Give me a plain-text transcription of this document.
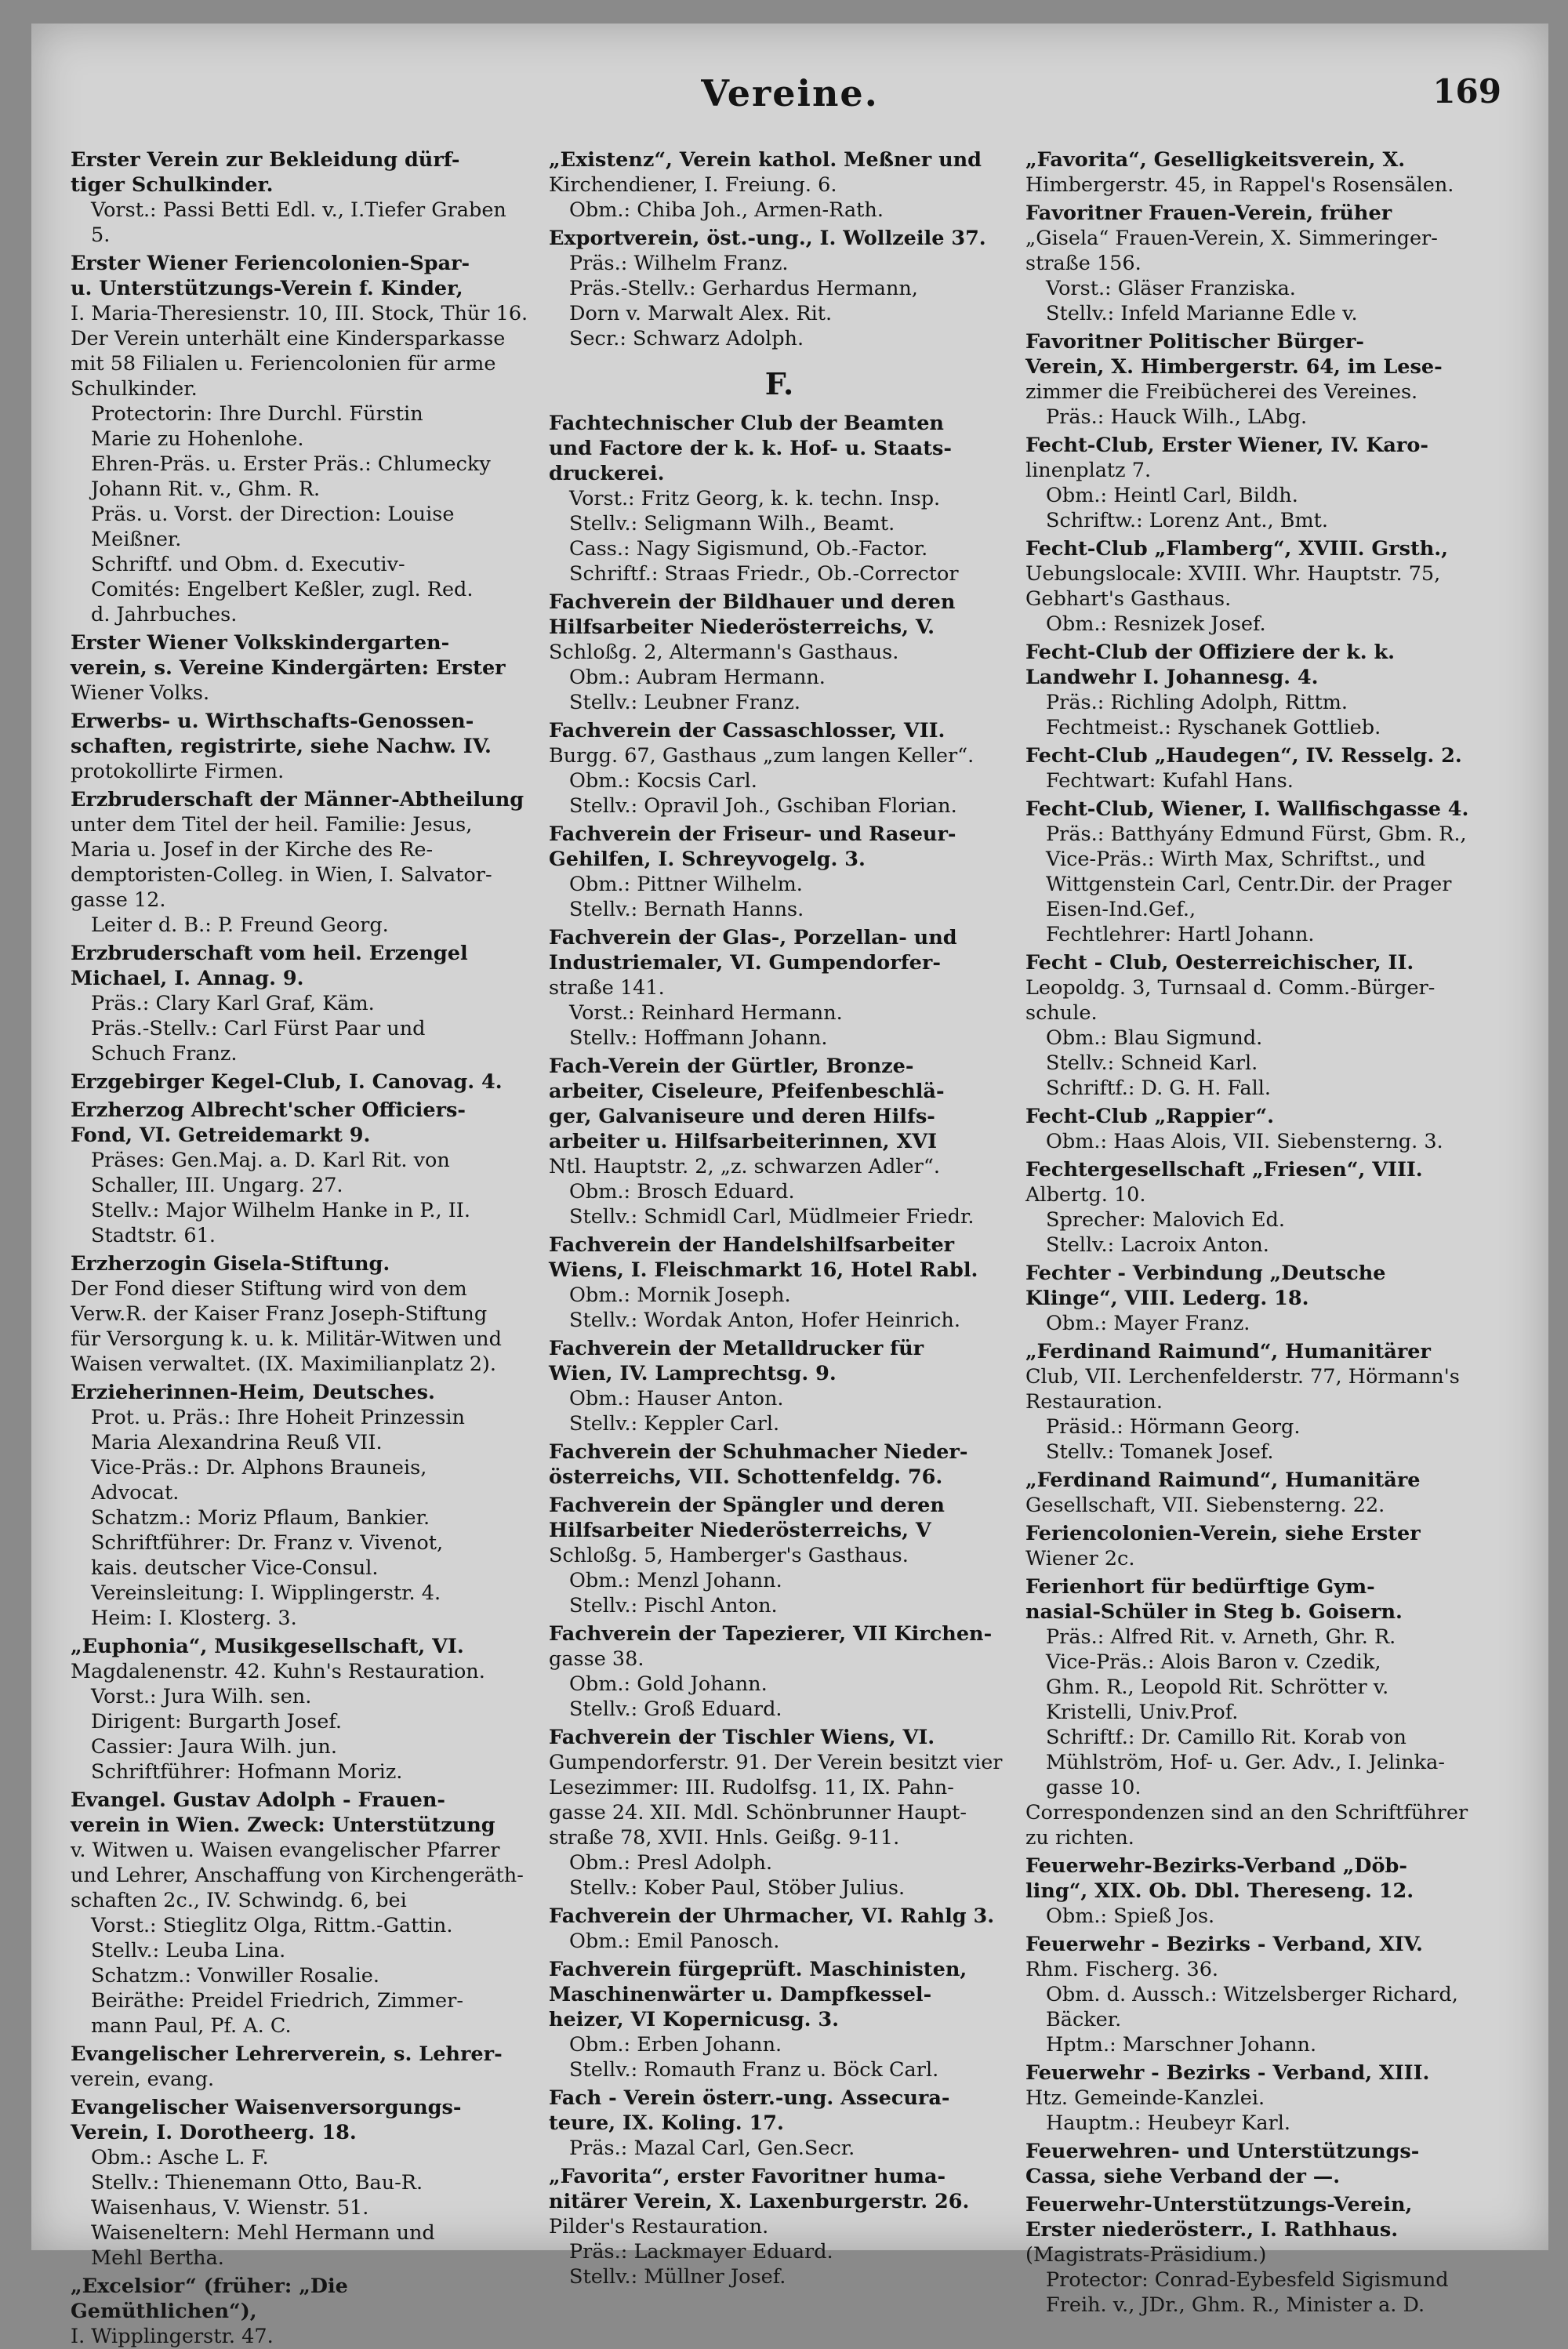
Vereine.	169

Erster Verein zur Bekleidung dürf-

tiger Schulkinder.

Vorst.: Passi Betti Edl. v., I.Tiefer Graben 5.

Erster Wiener Feriencolonien-Spar-

u. Unterstützungs-Verein f. Kinder,

I. Maria-Theresienstr. 10, III. Stock, Thür 16.

Der Verein unterhält eine Kindersparkasse

mit 58 Filialen u. Feriencolonien für arme

Schulkinder.

Protectorin: Ihre Durchl. Fürstin

Marie zu Hohenlohe.

Ehren-Präs. u. Erster Präs.: Chlumecky

Johann Rit. v., Ghm. R.

Präs. u. Vorst. der Direction: Louise

Meißner.

Schriftf. und Obm. d. Executiv-

Comités: Engelbert Keßler, zugl. Red.

d. Jahrbuches.

Erster Wiener Volkskindergarten-

verein, s. Vereine Kindergärten: Erster

Wiener Volks.

Erwerbs- u. Wirthschafts-Genossen-

schaften, registrirte, siehe Nachw. IV.

protokollirte Firmen.

Erzbruderschaft der Männer-Abtheilung

unter dem Titel der heil. Familie: Jesus,

Maria u. Josef in der Kirche des Re-

demptoristen-Colleg. in Wien, I. Salvator-

gasse 12.

Leiter d. B.: P. Freund Georg.

Erzbruderschaft vom heil. Erzengel

Michael, I. Annag. 9.

Präs.: Clary Karl Graf, Käm.

Präs.-Stellv.: Carl Fürst Paar und

Schuch Franz.

Erzgebirger Kegel-Club, I. Canovag. 4.

Erzherzog Albrecht'scher Officiers-

Fond, VI. Getreidemarkt 9.

Präses: Gen.Maj. a. D. Karl Rit. von

Schaller, III. Ungarg. 27.

Stellv.: Major Wilhelm Hanke in P., II.

Stadtstr. 61.

Erzherzogin Gisela-Stiftung.

Der Fond dieser Stiftung wird von dem

Verw.R. der Kaiser Franz Joseph-Stiftung

für Versorgung k. u. k. Militär-Witwen und

Waisen verwaltet. (IX. Maximilianplatz 2).

Erzieherinnen-Heim, Deutsches.

Prot. u. Präs.: Ihre Hoheit Prinzessin

Maria Alexandrina Reuß VII.

Vice-Präs.: Dr. Alphons Brauneis,

Advocat.

Schatzm.: Moriz Pflaum, Bankier.

Schriftführer: Dr. Franz v. Vivenot,

kais. deutscher Vice-Consul.

Vereinsleitung: I. Wipplingerstr. 4.

Heim: I. Klosterg. 3.

„Euphonia“, Musikgesellschaft, VI.

Magdalenenstr. 42. Kuhn's Restauration.

Vorst.: Jura Wilh. sen.

Dirigent: Burgarth Josef.

Cassier: Jaura Wilh. jun.

Schriftführer: Hofmann Moriz.

Evangel. Gustav Adolph - Frauen-

verein in Wien. Zweck: Unterstützung

v. Witwen u. Waisen evangelischer Pfarrer

und Lehrer, Anschaffung von Kirchengeräth-

schaften 2c., IV. Schwindg. 6, bei

Vorst.: Stieglitz Olga, Rittm.-Gattin.

Stellv.: Leuba Lina.

Schatzm.: Vonwiller Rosalie.

Beiräthe: Preidel Friedrich, Zimmer-

mann Paul, Pf. A. C.

Evangelischer Lehrerverein, s. Lehrer-

verein, evang.

Evangelischer Waisenversorgungs-

Verein, I. Dorotheerg. 18.

Obm.: Asche L. F.

Stellv.: Thienemann Otto, Bau-R.

Waisenhaus, V. Wienstr. 51.

Waiseneltern: Mehl Hermann und

Mehl Bertha.

„Excelsior“ (früher: „Die Gemüthlichen“),

I. Wipplingerstr. 47.

„Existenz“, Verein kathol. Meßner und

Kirchendiener, I. Freiung. 6.

Obm.: Chiba Joh., Armen-Rath.

Exportverein, öst.-ung., I. Wollzeile 37.

Präs.: Wilhelm Franz.

Präs.-Stellv.: Gerhardus Hermann,

Dorn v. Marwalt Alex. Rit.

Secr.: Schwarz Adolph.

F.

Fachtechnischer Club der Beamten

und Factore der k. k. Hof- u. Staats-

druckerei.

Vorst.: Fritz Georg, k. k. techn. Insp.

Stellv.: Seligmann Wilh., Beamt.

Cass.: Nagy Sigismund, Ob.-Factor.

Schriftf.: Straas Friedr., Ob.-Corrector

Fachverein der Bildhauer und deren

Hilfsarbeiter Niederösterreichs, V.

Schloßg. 2, Altermann's Gasthaus.

Obm.: Aubram Hermann.

Stellv.: Leubner Franz.

Fachverein der Cassaschlosser, VII.

Burgg. 67, Gasthaus „zum langen Keller“.

Obm.: Kocsis Carl.

Stellv.: Opravil Joh., Gschiban Florian.

Fachverein der Friseur- und Raseur-

Gehilfen, I. Schreyvogelg. 3.

Obm.: Pittner Wilhelm.

Stellv.: Bernath Hanns.

Fachverein der Glas-, Porzellan- und

Industriemaler, VI. Gumpendorfer-

straße 141.

Vorst.: Reinhard Hermann.

Stellv.: Hoffmann Johann.

Fach-Verein der Gürtler, Bronze-

arbeiter, Ciseleure, Pfeifenbeschlä-

ger, Galvaniseure und deren Hilfs-

arbeiter u. Hilfsarbeiterinnen, XVI

Ntl. Hauptstr. 2, „z. schwarzen Adler“.

Obm.: Brosch Eduard.

Stellv.: Schmidl Carl, Müdlmeier Friedr.

Fachverein der Handelshilfsarbeiter

Wiens, I. Fleischmarkt 16, Hotel Rabl.

Obm.: Mornik Joseph.

Stellv.: Wordak Anton, Hofer Heinrich.

Fachverein der Metalldrucker für

Wien, IV. Lamprechtsg. 9.

Obm.: Hauser Anton.

Stellv.: Keppler Carl.

Fachverein der Schuhmacher Nieder-

österreichs, VII. Schottenfeldg. 76.

Fachverein der Spängler und deren

Hilfsarbeiter Niederösterreichs, V

Schloßg. 5, Hamberger's Gasthaus.

Obm.: Menzl Johann.

Stellv.: Pischl Anton.

Fachverein der Tapezierer, VII Kirchen-

gasse 38.

Obm.: Gold Johann.

Stellv.: Groß Eduard.

Fachverein der Tischler Wiens, VI.

Gumpendorferstr. 91. Der Verein besitzt vier

Lesezimmer: III. Rudolfsg. 11, IX. Pahn-

gasse 24. XII. Mdl. Schönbrunner Haupt-

straße 78, XVII. Hnls. Geißg. 9-11.

Obm.: Presl Adolph.

Stellv.: Kober Paul, Stöber Julius.

Fachverein der Uhrmacher, VI. Rahlg 3.

Obm.: Emil Panosch.

Fachverein fürgeprüft. Maschinisten,

Maschinenwärter u. Dampfkessel-

heizer, VI Kopernicusg. 3.

Obm.: Erben Johann.

Stellv.: Romauth Franz u. Böck Carl.

Fach - Verein österr.-ung. Assecura-

teure, IX. Koling. 17.

Präs.: Mazal Carl, Gen.Secr.

„Favorita“, erster Favoritner huma-

nitärer Verein, X. Laxenburgerstr. 26.

Pilder's Restauration.

Präs.: Lackmayer Eduard.

Stellv.: Müllner Josef.

„Favorita“, Geselligkeitsverein, X.

Himbergerstr. 45, in Rappel's Rosensälen.

Favoritner Frauen-Verein, früher

„Gisela“ Frauen-Verein, X. Simmeringer-

straße 156.

Vorst.: Gläser Franziska.

Stellv.: Infeld Marianne Edle v.

Favoritner Politischer Bürger-

Verein, X. Himbergerstr. 64, im Lese-

zimmer die Freibücherei des Vereines.

Präs.: Hauck Wilh., LAbg.

Fecht-Club, Erster Wiener, IV. Karo-

linenplatz 7.

Obm.: Heintl Carl, Bildh.

Schriftw.: Lorenz Ant., Bmt.

Fecht-Club „Flamberg“, XVIII. Grsth.,

Uebungslocale: XVIII. Whr. Hauptstr. 75,

Gebhart's Gasthaus.

Obm.: Resnizek Josef.

Fecht-Club der Offiziere der k. k.

Landwehr I. Johannesg. 4.

Präs.: Richling Adolph, Rittm.

Fechtmeist.: Ryschanek Gottlieb.

Fecht-Club „Haudegen“, IV. Resselg. 2.

Fechtwart: Kufahl Hans.

Fecht-Club, Wiener, I. Wallfischgasse 4.

Präs.: Batthyány Edmund Fürst, Gbm. R.,

Vice-Präs.: Wirth Max, Schriftst., und

Wittgenstein Carl, Centr.Dir. der Prager

Eisen-Ind.Gef.,

Fechtlehrer: Hartl Johann.

Fecht - Club, Oesterreichischer, II.

Leopoldg. 3, Turnsaal d. Comm.-Bürger-

schule.

Obm.: Blau Sigmund.

Stellv.: Schneid Karl.

Schriftf.: D. G. H. Fall.

Fecht-Club „Rappier“.

Obm.: Haas Alois, VII. Siebensterng. 3.

Fechtergesellschaft „Friesen“, VIII.

Albertg. 10.

Sprecher: Malovich Ed.

Stellv.: Lacroix Anton.

Fechter - Verbindung „Deutsche

Klinge“, VIII. Lederg. 18.

Obm.: Mayer Franz.

„Ferdinand Raimund“, Humanitärer

Club, VII. Lerchenfelderstr. 77, Hörmann's

Restauration.

Präsid.: Hörmann Georg.

Stellv.: Tomanek Josef.

„Ferdinand Raimund“, Humanitäre

Gesellschaft, VII. Siebensterng. 22.

Feriencolonien-Verein, siehe Erster

Wiener 2c.

Ferienhort für bedürftige Gym-

nasial-Schüler in Steg b. Goisern.

Präs.: Alfred Rit. v. Arneth, Ghr. R.

Vice-Präs.: Alois Baron v. Czedik,

Ghm. R., Leopold Rit. Schrötter v.

Kristelli, Univ.Prof.

Schriftf.: Dr. Camillo Rit. Korab von

Mühlström, Hof- u. Ger. Adv., I. Jelinka-

gasse 10.

Correspondenzen sind an den Schriftführer

zu richten.

Feuerwehr-Bezirks-Verband „Döb-

ling“, XIX. Ob. Dbl. Thereseng. 12.

Obm.: Spieß Jos.

Feuerwehr - Bezirks - Verband, XIV.

Rhm. Fischerg. 36.

Obm. d. Aussch.: Witzelsberger Richard,

Bäcker.

Hptm.: Marschner Johann.

Feuerwehr - Bezirks - Verband, XIII.

Htz. Gemeinde-Kanzlei.

Hauptm.: Heubeyr Karl.

Feuerwehren- und Unterstützungs-

Cassa, siehe Verband der —.

Feuerwehr-Unterstützungs-Verein,

Erster niederösterr., I. Rathhaus.

(Magistrats-Präsidium.)

Protector: Conrad-Eybesfeld Sigismund

Freih. v., JDr., Ghm. R., Minister a. D.
